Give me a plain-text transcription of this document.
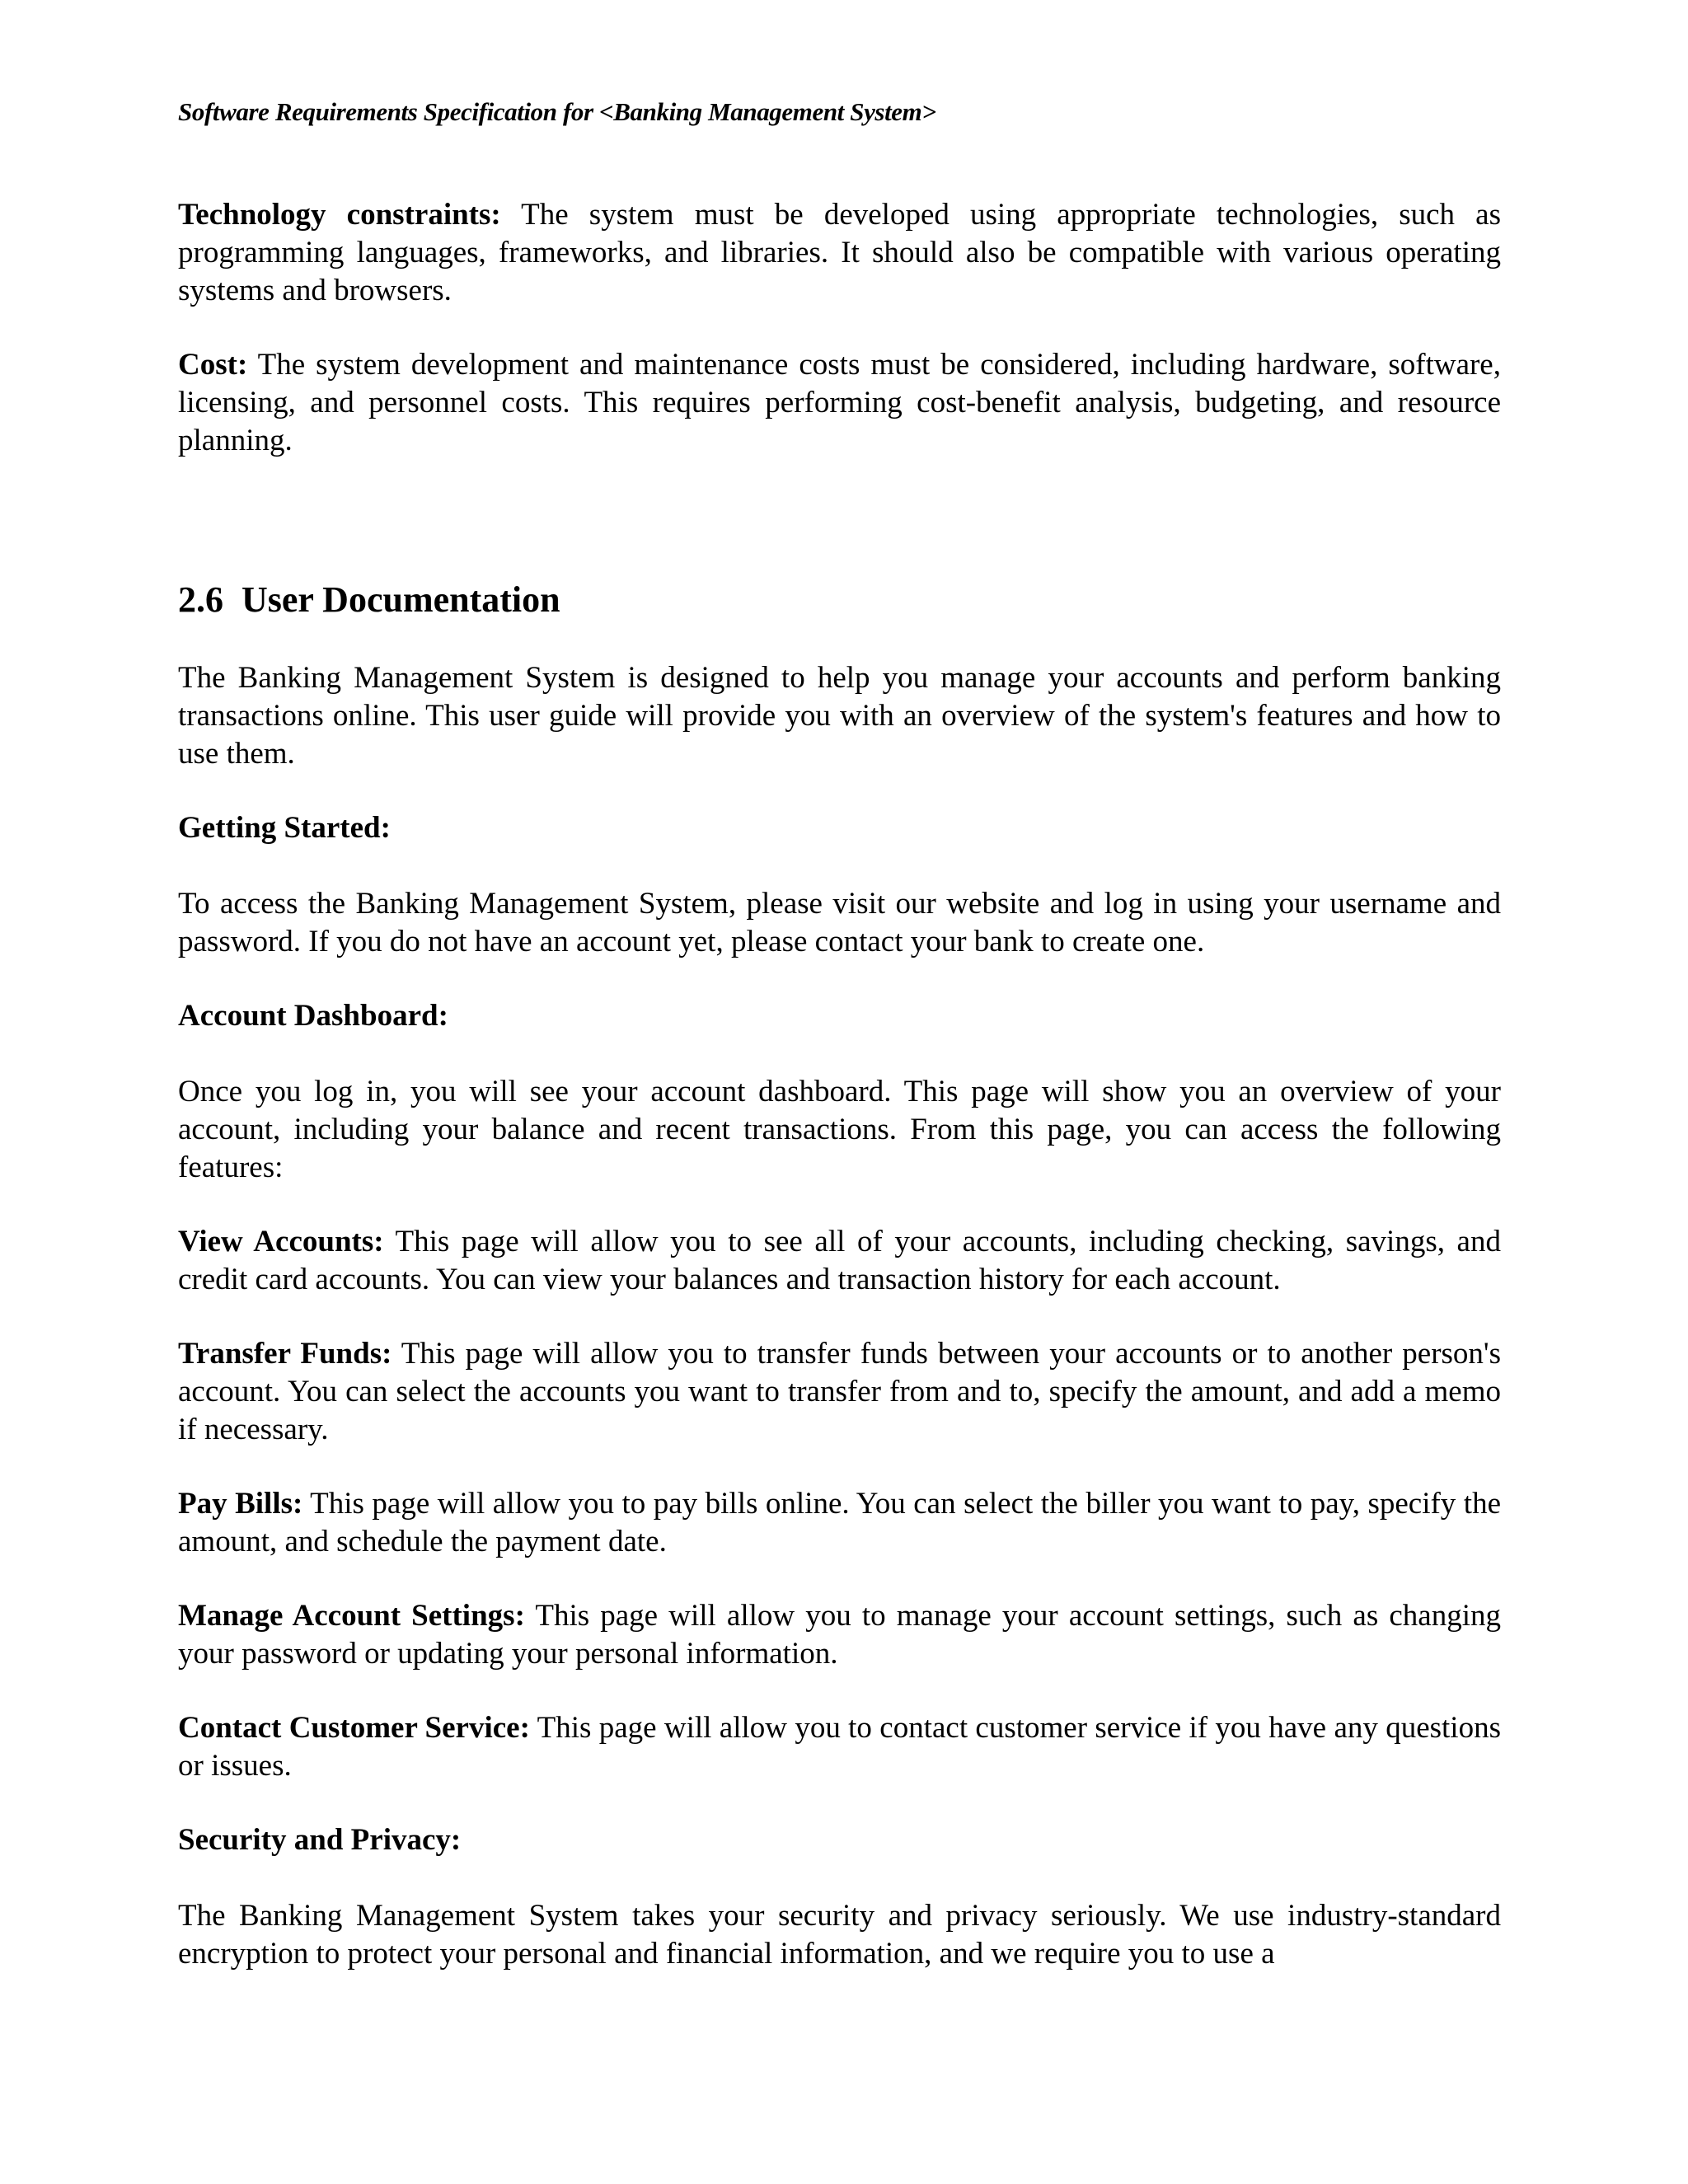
Software Requirements Specification for <Banking Management System>

Technology constraints: The system must be developed using appropriate technologies, such as programming languages, frameworks, and libraries. It should also be compatible with various operating systems and browsers.

Cost: The system development and maintenance costs must be considered, including hardware, software, licensing, and personnel costs. This requires performing cost-benefit analysis, budgeting, and resource planning.

2.6 User Documentation

The Banking Management System is designed to help you manage your accounts and perform banking transactions online. This user guide will provide you with an overview of the system's features and how to use them.

Getting Started:

To access the Banking Management System, please visit our website and log in using your username and password. If you do not have an account yet, please contact your bank to create one.

Account Dashboard:

Once you log in, you will see your account dashboard. This page will show you an overview of your account, including your balance and recent transactions. From this page, you can access the following features:

View Accounts: This page will allow you to see all of your accounts, including checking, savings, and credit card accounts. You can view your balances and transaction history for each account.

Transfer Funds: This page will allow you to transfer funds between your accounts or to another person's account. You can select the accounts you want to transfer from and to, specify the amount, and add a memo if necessary.

Pay Bills: This page will allow you to pay bills online. You can select the biller you want to pay, specify the amount, and schedule the payment date.

Manage Account Settings: This page will allow you to manage your account settings, such as changing your password or updating your personal information.

Contact Customer Service: This page will allow you to contact customer service if you have any questions or issues.

Security and Privacy:

The Banking Management System takes your security and privacy seriously. We use industry-standard encryption to protect your personal and financial information, and we require you to use a
